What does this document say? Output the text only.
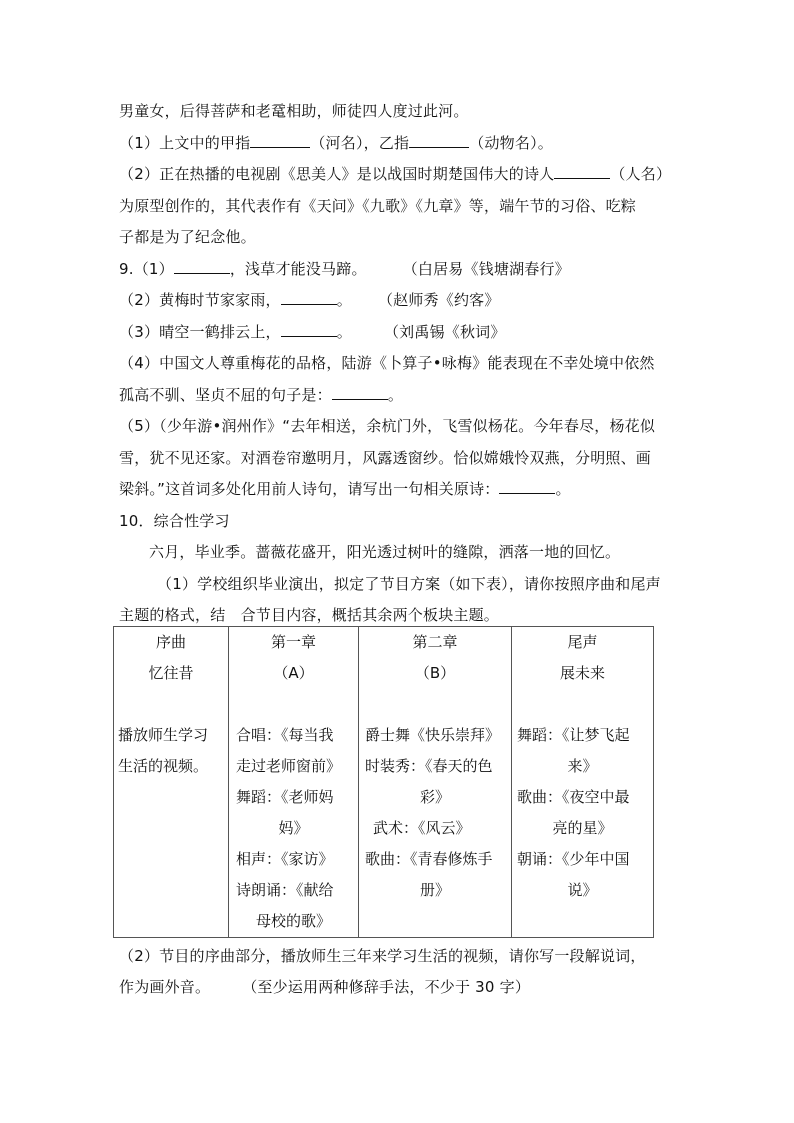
男童女，后得菩萨和老鼋相助，师徒四人度过此河。
（1）上文中的甲指	（河名），乙指	（动物名）。
（2）正在热播的电视剧《思美人》是以战国时期楚国伟大的诗人	（人名）
为原型创作的，其代表作有《天问》《九歌》《九章》等，端午节的习俗、吃粽
子都是为了纪念他。
9.（1）	，浅草才能没马蹄。 （白居易《钱塘湖春行》
（2）黄梅时节家家雨，	。 （赵师秀《约客》
（3）晴空一鹤排云上，	。 （刘禹锡《秋词》
（4）中国文人尊重梅花的品格，陆游《卜算子•咏梅》能表现在不幸处境中依然
孤高不驯、坚贞不屈的句子是：	。
（5）（少年游•润州作》“去年相送，余杭门外，飞雪似杨花。今年春尽，杨花似
雪，犹不见还家。对酒卷帘邀明月，风露透窗纱。恰似嫦娥怜双燕，分明照、画
梁斜。”这首词多处化用前人诗句，请写出一句相关原诗：	。
10．综合性学习
六月，毕业季。蔷薇花盛开，阳光透过树叶的缝隙，洒落一地的回忆。
（1）学校组织毕业演出，拟定了节目方案（如下表），请你按照序曲和尾声
主题的格式，结　合节目内容，概括其余两个板块主题。
序曲
忆往昔
播放师生学习
生活的视频。

第一章
（A）
合唱：《每当我
走过老师窗前》
舞蹈：《老师妈
妈》
相声：《家访》
诗朗诵：《献给
母校的歌》

第二章
（B）
爵士舞《快乐崇拜》
时装秀：《春天的色
彩》
武术：《风云》
歌曲：《青春修炼手
册》

尾声
展未来
舞蹈：《让梦飞起
来》
歌曲：《夜空中最
亮的星》
朝诵：《少年中国
说》
（2）节目的序曲部分，播放师生三年来学习生活的视频，请你写一段解说词，
作为画外音。 （至少运用两种修辞手法，不少于 30 字）
